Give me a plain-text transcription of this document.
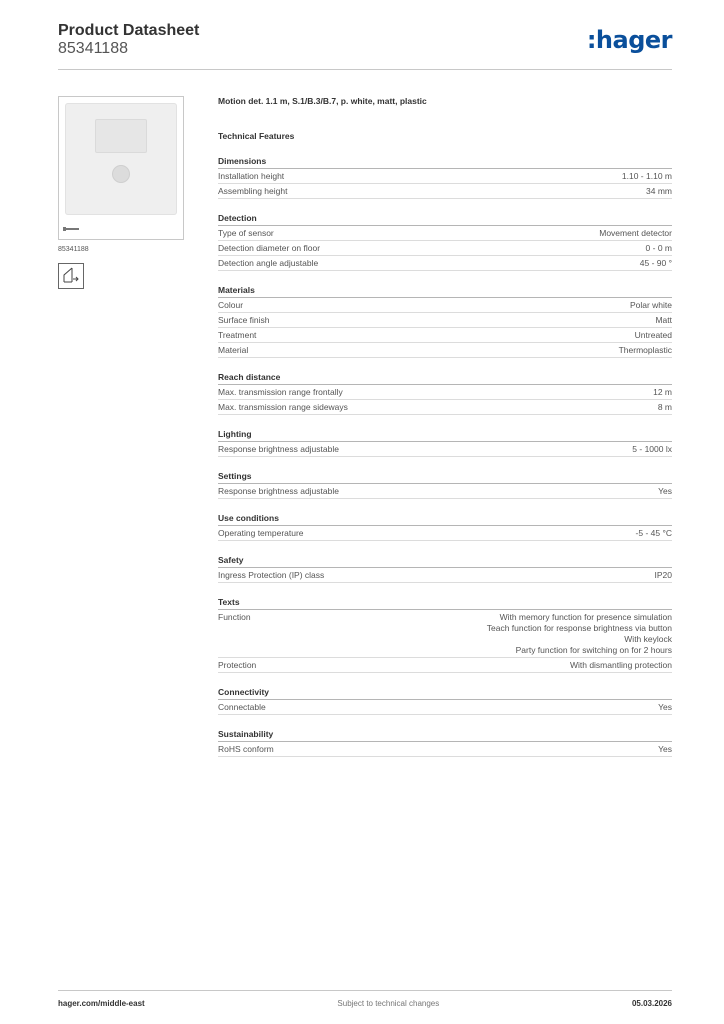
Product Datasheet
85341188	:hager
85341188
Motion det. 1.1 m, S.1/B.3/B.7, p. white, matt, plastic
Technical Features
Dimensions
Installation height	1.10 - 1.10 m
Assembling height	34 mm
Detection
Type of sensor	Movement detector
Detection diameter on floor	0 - 0 m
Detection angle adjustable	45 - 90 °
Materials
Colour	Polar white
Surface finish	Matt
Treatment	Untreated
Material	Thermoplastic
Reach distance
Max. transmission range frontally	12 m
Max. transmission range sideways	8 m
Lighting
Response brightness adjustable	5 - 1000 lx
Settings
Response brightness adjustable	Yes
Use conditions
Operating temperature	-5 - 45 °C
Safety
Ingress Protection (IP) class	IP20
Texts
Function	With memory function for presence simulation
Teach function for response brightness via button
With keylock
Party function for switching on for 2 hours
Protection	With dismantling protection
Connectivity
Connectable	Yes
Sustainability
RoHS conform	Yes
hager.com/middle-east	Subject to technical changes	05.03.2026
